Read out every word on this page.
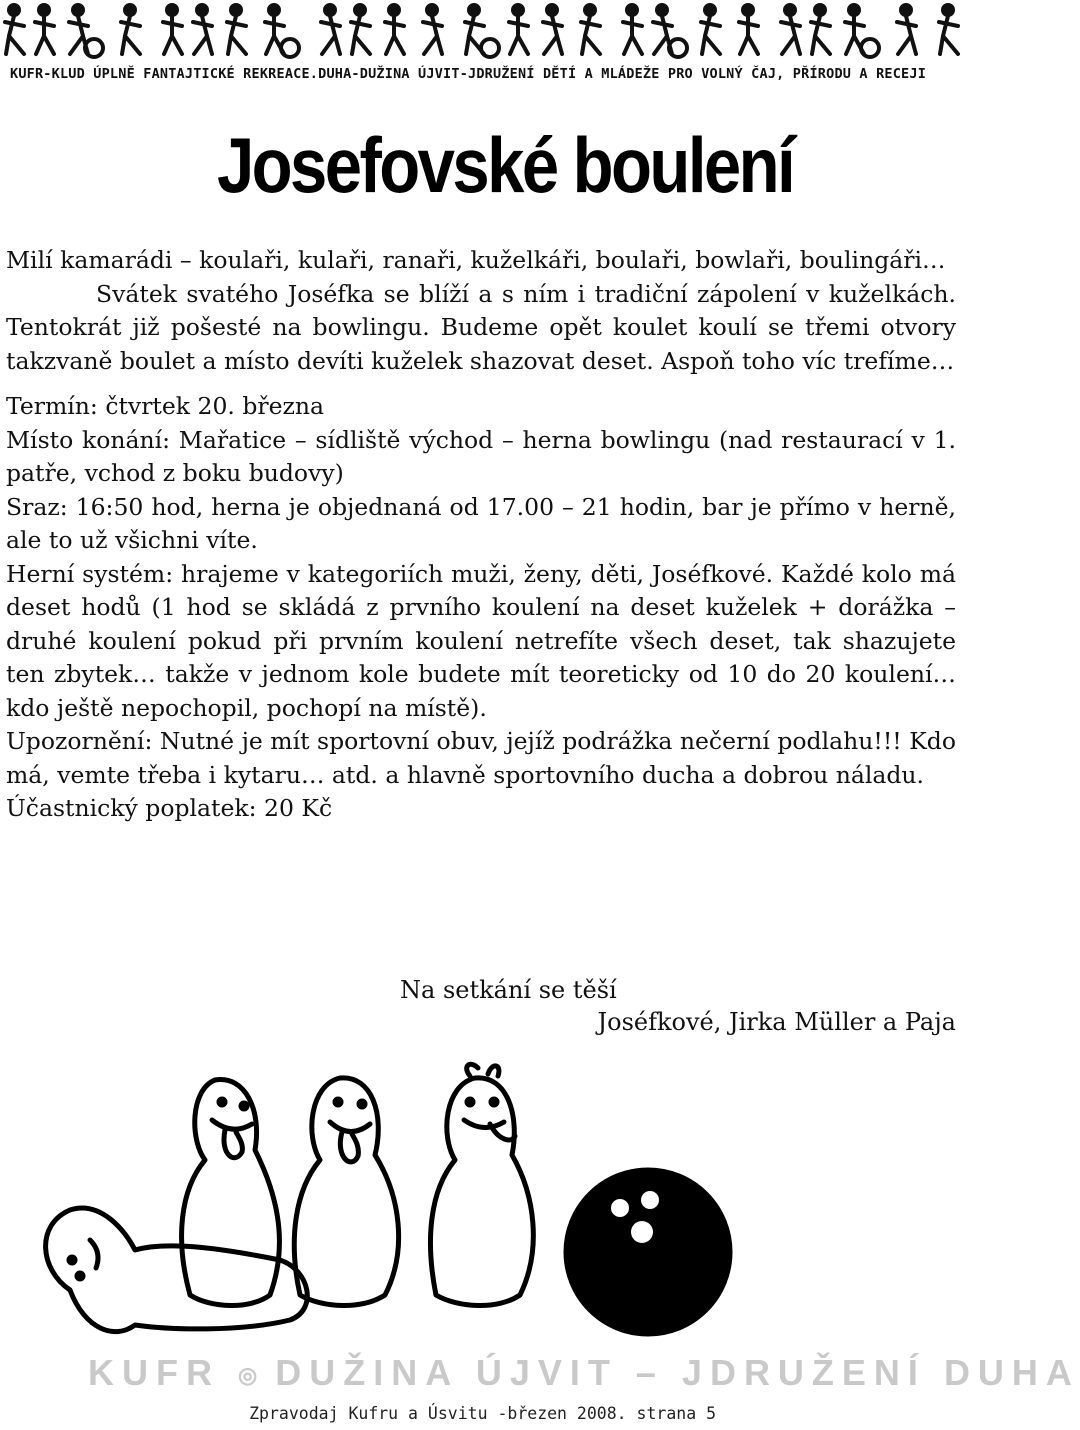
KUFR-KLUD ÚPLNĚ FANTAJTICKÉ REKREACE.DUHA-DUŽINA ÚJVIT-JDRUŽENÍ DĚTÍ A MLÁDEŽE PRO VOLNÝ ČAJ, PŘÍRODU A RECEJI
Josefovské boulení

Milí kamarádi – koulaři, kulaři, ranaři, kuželkáři, boulaři, bowlaři, boulingáři…

Svátek svatého Joséfka se blíží a s ním i tradiční zápolení v kuželkách. Tentokrát již pošesté na bowlingu. Budeme opět koulet koulí se třemi otvory takzvaně boulet a místo devíti kuželek shazovat deset. Aspoň toho víc trefíme…

Termín: čtvrtek 20. března

Místo konání: Mařatice – sídliště východ – herna bowlingu (nad restaurací v 1. patře, vchod z boku budovy)

Sraz: 16:50 hod, herna je objednaná od 17.00 – 21 hodin, bar je přímo v herně, ale to už všichni víte.

Herní systém: hrajeme v kategoriích muži, ženy, děti, Joséfkové. Každé kolo má deset hodů (1 hod se skládá z prvního koulení na deset kuželek + dorážka – druhé koulení pokud při prvním koulení netrefíte všech deset, tak shazujete ten zbytek… takže v jednom kole budete mít teoreticky od 10 do 20 koulení… kdo ještě nepochopil, pochopí na místě).

Upozornění: Nutné je mít sportovní obuv, jejíž podrážka nečerní podlahu!!! Kdo má, vemte třeba i kytaru… atd. a hlavně sportovního ducha a dobrou náladu.

Účastnický poplatek: 20 Kč

Na setkání se těší
Joséfkové, Jirka Müller a Paja
KUFR ◎ DUŽINA ÚJVIT – JDRUŽENÍ DUHA
Zpravodaj Kufru a Úsvitu -březen 2008. strana 5
